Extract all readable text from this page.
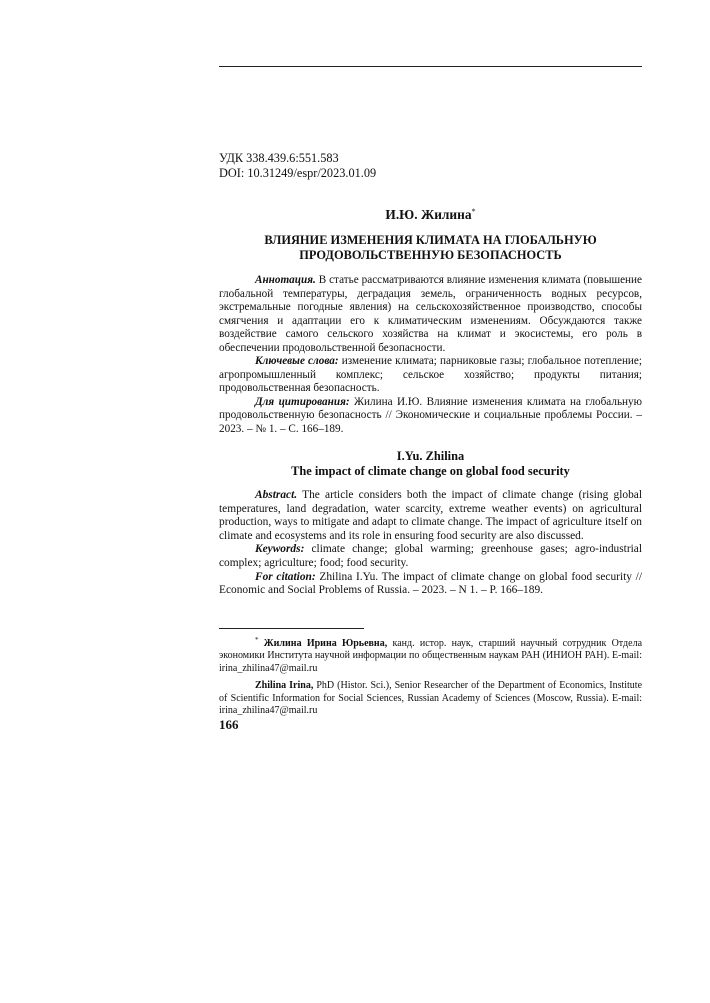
УДК 338.439.6:551.583
DOI: 10.31249/espr/2023.01.09
И.Ю. Жилина*
ВЛИЯНИЕ ИЗМЕНЕНИЯ КЛИМАТА НА ГЛОБАЛЬНУЮ
ПРОДОВОЛЬСТВЕННУЮ БЕЗОПАСНОСТЬ

Аннотация. В статье рассматриваются влияние изменения климата (повышение глобальной температуры, деградация земель, ограниченность водных ресурсов, экстремальные погодные явления) на сельскохозяйственное производство, способы смягчения и адаптации его к климатическим изменениям. Обсуждаются также воздействие самого сельского хозяйства на климат и экосистемы, его роль в обеспечении продовольственной безопасности.

Ключевые слова: изменение климата; парниковые газы; глобальное потепление; агропромышленный комплекс; сельское хозяйство; продукты питания; продовольственная безопасность.

Для цитирования: Жилина И.Ю. Влияние изменения климата на глобальную продовольственную безопасность // Экономические и социальные проблемы России. – 2023. – № 1. – С. 166–189.

I.Yu. Zhilina
The impact of climate change on global food security

Abstract. The article considers both the impact of climate change (rising global temperatures, land degradation, water scarcity, extreme weather events) on agricultural production, ways to mitigate and adapt to climate change. The impact of agriculture itself on climate and ecosystems and its role in ensuring food security are also discussed.

Keywords: climate change; global warming; greenhouse gases; agro-industrial complex; agriculture; food; food security.

For citation: Zhilina I.Yu. The impact of climate change on global food security // Economic and Social Problems of Russia. – 2023. – N 1. – P. 166–189.

* Жилина Ирина Юрьевна, канд. истор. наук, старший научный сотрудник Отдела экономики Института научной информации по общественным наукам РАН (ИНИОН РАН). E-mail: irina_zhilina47@mail.ru

Zhilina Irina, PhD (Histor. Sci.), Senior Researcher of the Department of Economics, Institute of Scientific Information for Social Sciences, Russian Academy of Sciences (Moscow, Russia). E-mail: irina_zhilina47@mail.ru

166
